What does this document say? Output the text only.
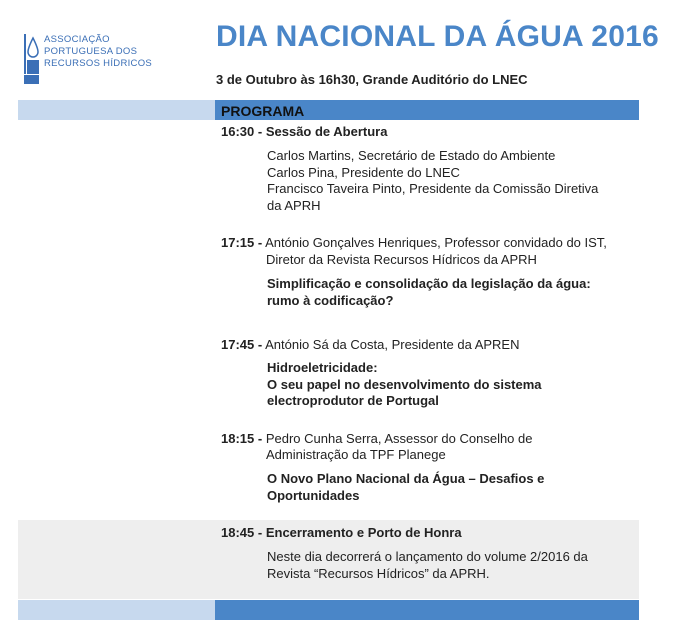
ASSOCIAÇÃO
PORTUGUESA DOS
RECURSOS HÍDRICOS
DIA NACIONAL DA ÁGUA 2016
3 de Outubro às 16h30, Grande Auditório do LNEC
PROGRAMA
16:30 - Sessão de Abertura
Carlos Martins, Secretário de Estado do Ambiente
Carlos Pina, Presidente do LNEC
Francisco Taveira Pinto, Presidente da Comissão Diretiva
da APRH
17:15 - António Gonçalves Henriques, Professor convidado do IST,
Diretor da Revista Recursos Hídricos da APRH
Simplificação e consolidação da legislação da água:
rumo à codificação?
17:45 - António Sá da Costa, Presidente da APREN
Hidroeletricidade:
O seu papel no desenvolvimento do sistema
electroprodutor de Portugal
18:15 - Pedro Cunha Serra, Assessor do Conselho de
Administração da TPF Planege
O Novo Plano Nacional da Água – Desafios e
Oportunidades
18:45 - Encerramento e Porto de Honra
Neste dia decorrerá o lançamento do volume 2/2016 da
Revista “Recursos Hídricos” da APRH.
